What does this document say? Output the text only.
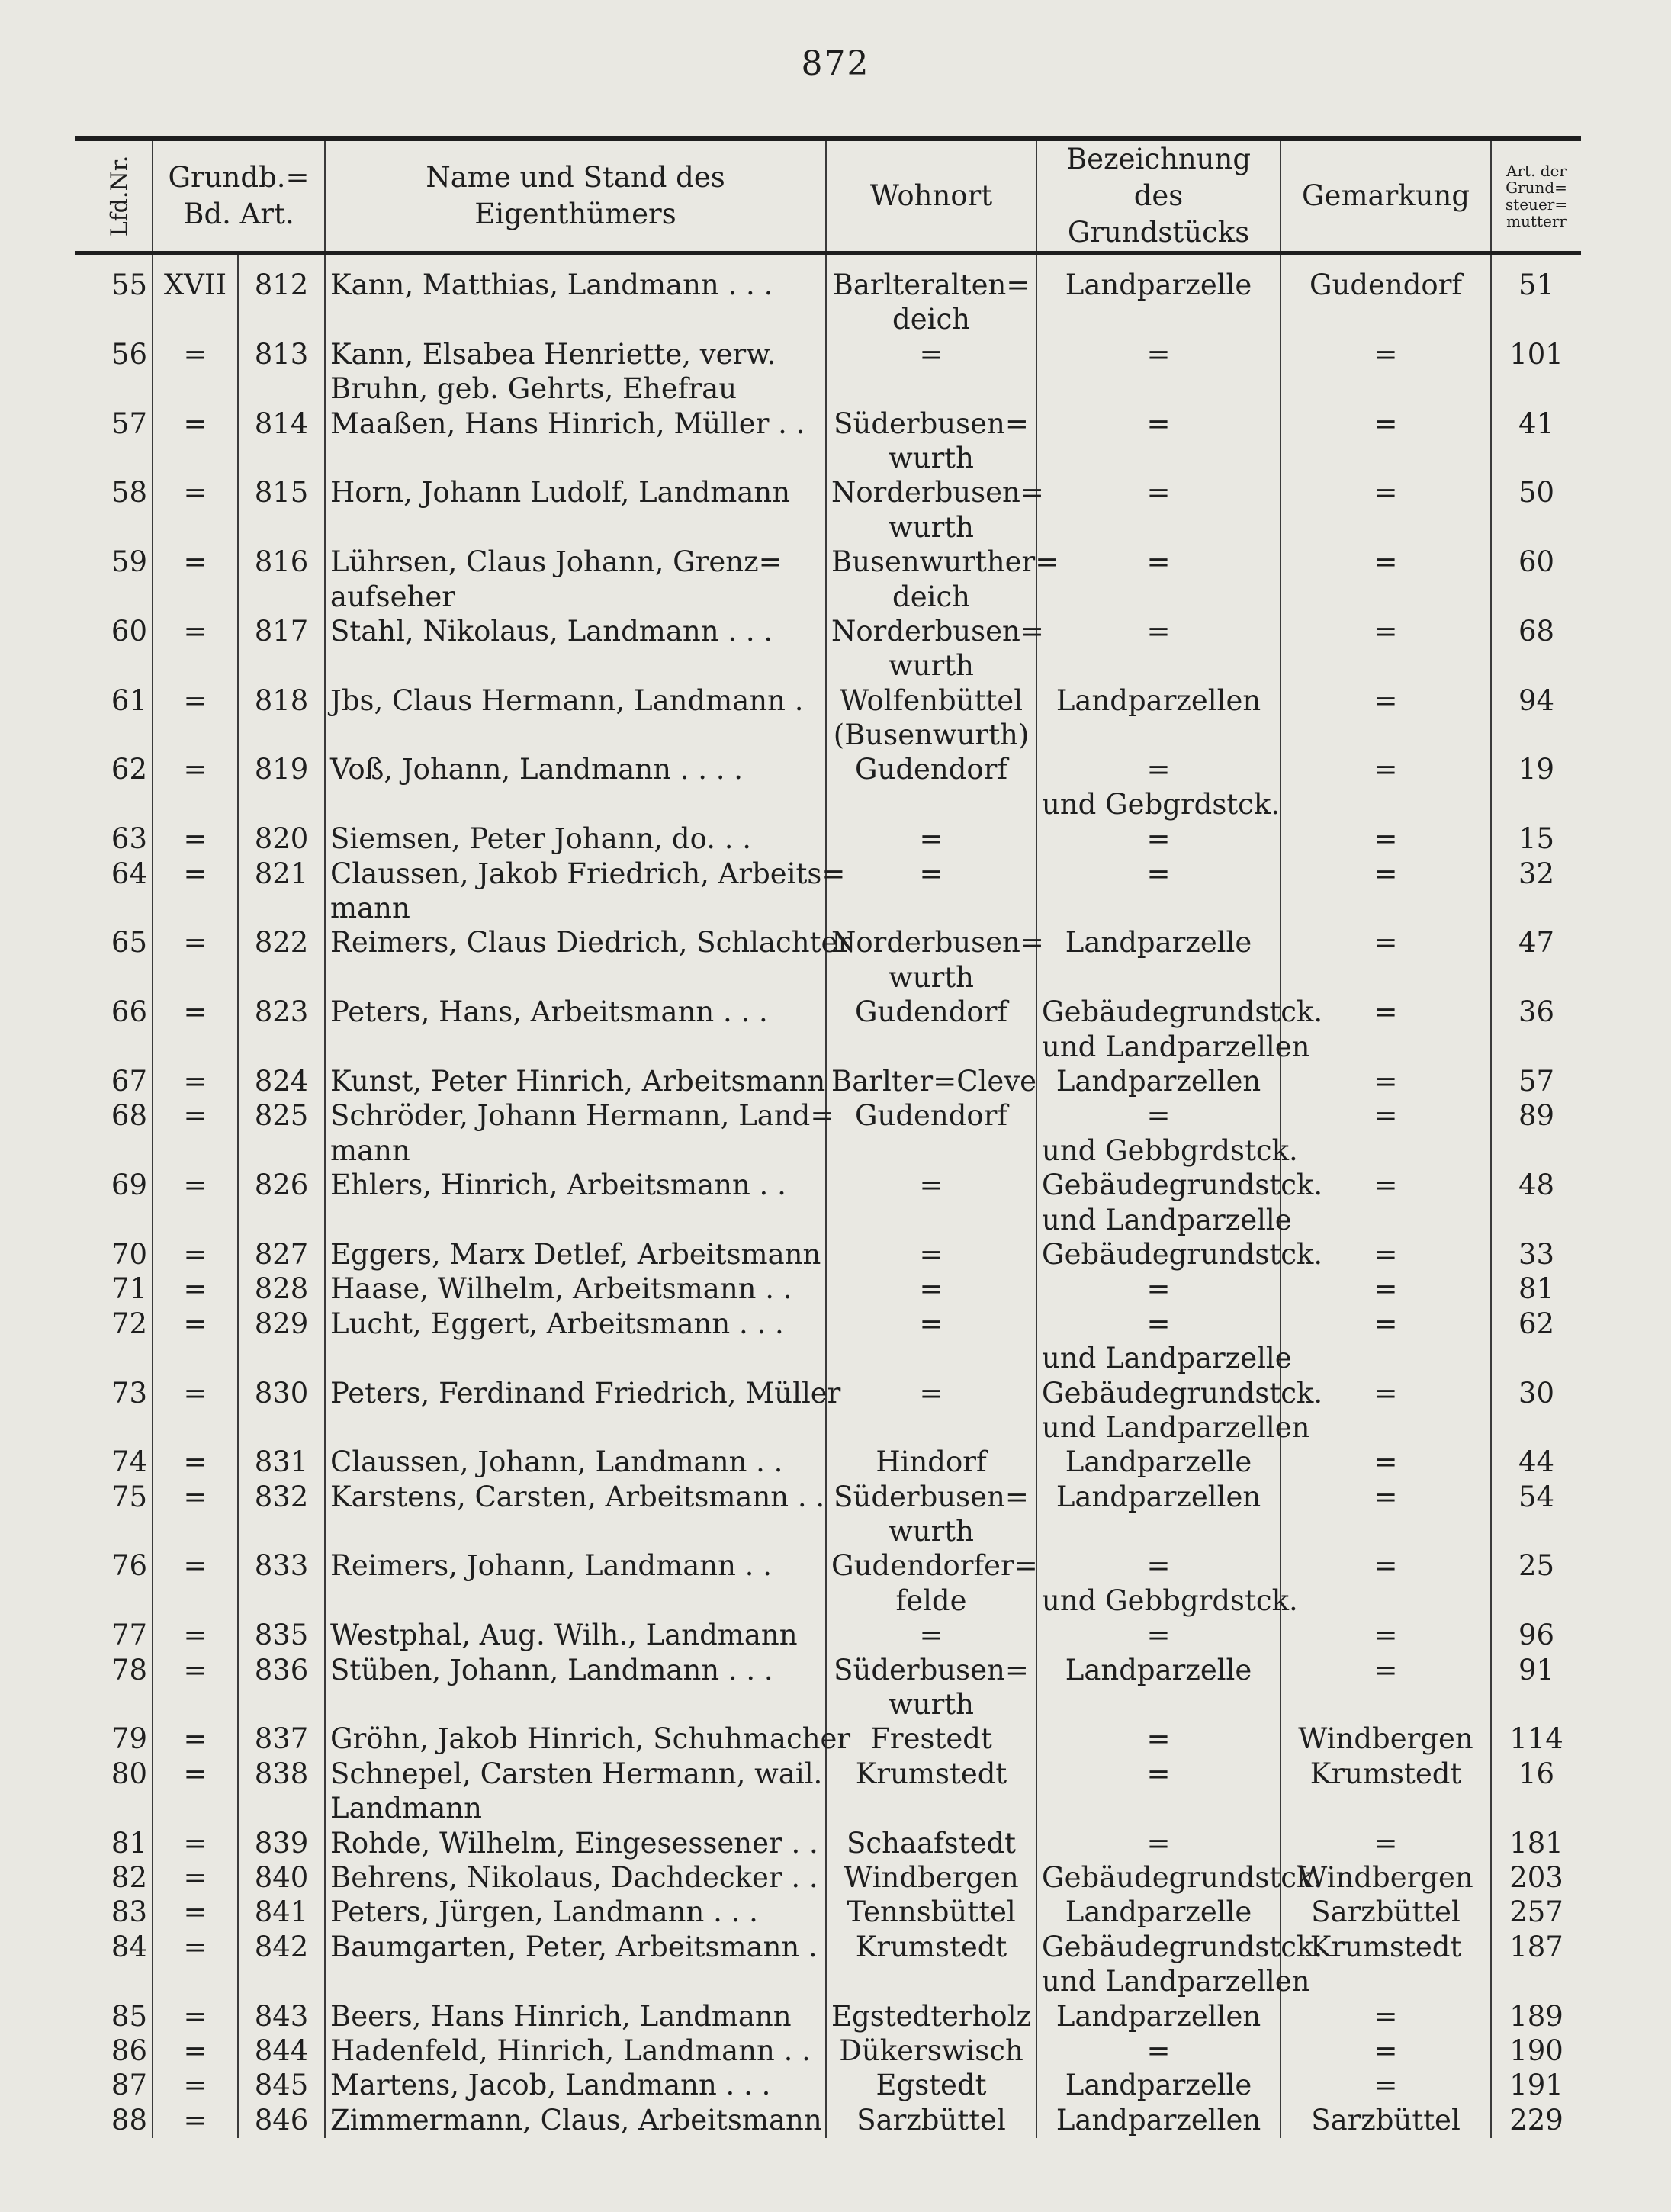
872
Lfd.Nr.	Grundb.= Bd. Art.		Name und Stand des Eigenthümers	Wohnort	Bezeichnung des Grundstücks	Gemarkung	Art. der Grund= steuer= mutterr
55	XVII	812	Kann, Matthias, Landmann . . .	Barlteralten=	Landparzelle	Gudendorf	51
				deich			
56	=	813	Kann, Elsabea Henriette, verw.	=	=	=	101
			Bruhn, geb. Gehrts, Ehefrau				
57	=	814	Maaßen, Hans Hinrich, Müller . .	Süderbusen=	=	=	41
				wurth			
58	=	815	Horn, Johann Ludolf, Landmann	Norderbusen=	=	=	50
				wurth			
59	=	816	Lührsen, Claus Johann, Grenz=	Busenwurther=	=	=	60
			aufseher	deich			
60	=	817	Stahl, Nikolaus, Landmann . . .	Norderbusen=	=	=	68
				wurth			
61	=	818	Jbs, Claus Hermann, Landmann .	Wolfenbüttel	Landparzellen	=	94
				(Busenwurth)			
62	=	819	Voß, Johann, Landmann . . . .	Gudendorf	=	=	19
					und Gebgrdstck.		
63	=	820	Siemsen, Peter Johann, do. . .	=	=	=	15
64	=	821	Claussen, Jakob Friedrich, Arbeits=	=	=	=	32
			mann				
65	=	822	Reimers, Claus Diedrich, Schlachter	Norderbusen=	Landparzelle	=	47
				wurth			
66	=	823	Peters, Hans, Arbeitsmann . . .	Gudendorf	Gebäudegrundstck.	=	36
					und Landparzellen		
67	=	824	Kunst, Peter Hinrich, Arbeitsmann	Barlter=Cleve	Landparzellen	=	57
68	=	825	Schröder, Johann Hermann, Land=	Gudendorf	=	=	89
			mann		und Gebbgrdstck.		
69	=	826	Ehlers, Hinrich, Arbeitsmann . .	=	Gebäudegrundstck.	=	48
					und Landparzelle		
70	=	827	Eggers, Marx Detlef, Arbeitsmann	=	Gebäudegrundstck.	=	33
71	=	828	Haase, Wilhelm, Arbeitsmann . .	=	=	=	81
72	=	829	Lucht, Eggert, Arbeitsmann . . .	=	=	=	62
					und Landparzelle		
73	=	830	Peters, Ferdinand Friedrich, Müller	=	Gebäudegrundstck.	=	30
					und Landparzellen		
74	=	831	Claussen, Johann, Landmann . .	Hindorf	Landparzelle	=	44
75	=	832	Karstens, Carsten, Arbeitsmann . .	Süderbusen=	Landparzellen	=	54
				wurth			
76	=	833	Reimers, Johann, Landmann . .	Gudendorfer=	=	=	25
				felde	und Gebbgrdstck.		
77	=	835	Westphal, Aug. Wilh., Landmann	=	=	=	96
78	=	836	Stüben, Johann, Landmann . . .	Süderbusen=	Landparzelle	=	91
				wurth			
79	=	837	Gröhn, Jakob Hinrich, Schuhmacher	Frestedt	=	Windbergen	114
80	=	838	Schnepel, Carsten Hermann, wail.	Krumstedt	=	Krumstedt	16
			Landmann				
81	=	839	Rohde, Wilhelm, Eingesessener . .	Schaafstedt	=	=	181
82	=	840	Behrens, Nikolaus, Dachdecker . .	Windbergen	Gebäudegrundstck.	Windbergen	203
83	=	841	Peters, Jürgen, Landmann . . .	Tennsbüttel	Landparzelle	Sarzbüttel	257
84	=	842	Baumgarten, Peter, Arbeitsmann .	Krumstedt	Gebäudegrundstck.	Krumstedt	187
					und Landparzellen		
85	=	843	Beers, Hans Hinrich, Landmann	Egstedterholz	Landparzellen	=	189
86	=	844	Hadenfeld, Hinrich, Landmann . .	Dükerswisch	=	=	190
87	=	845	Martens, Jacob, Landmann . . .	Egstedt	Landparzelle	=	191
88	=	846	Zimmermann, Claus, Arbeitsmann	Sarzbüttel	Landparzellen	Sarzbüttel	229
